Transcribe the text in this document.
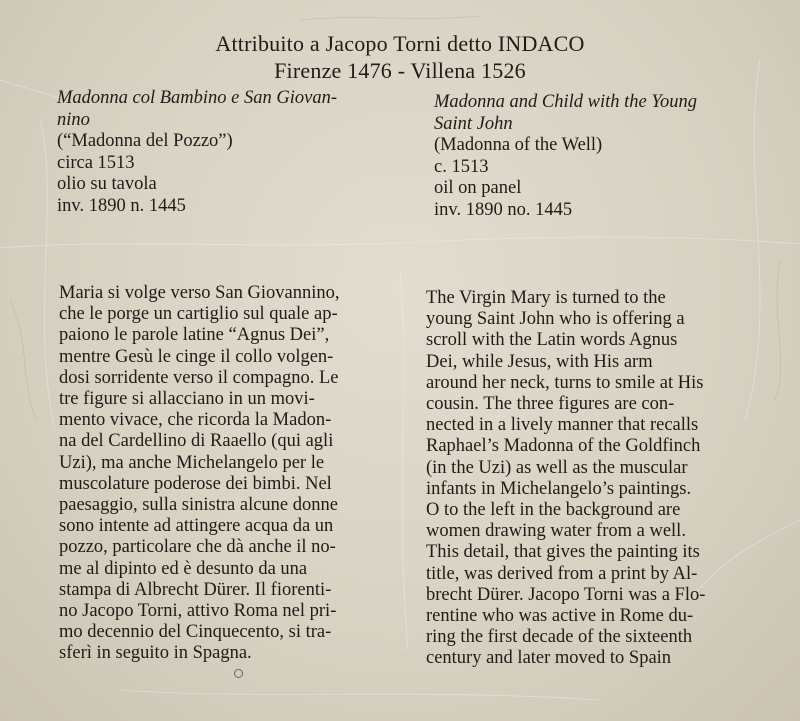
Attribuito a Jacopo Torni detto INDACO
Firenze 1476 - Villena 1526
Madonna col Bambino e San Giovan-
nino
(“Madonna del Pozzo”)
circa 1513
olio su tavola
inv. 1890 n. 1445
Madonna and Child with the Young
Saint John
(Madonna of the Well)
c. 1513
oil on panel
inv. 1890 no. 1445
Maria si volge verso San Giovannino,
che le porge un cartiglio sul quale ap-
paiono le parole latine “Agnus Dei”,
mentre Gesù le cinge il collo volgen-
dosi sorridente verso il compagno. Le
tre figure si allacciano in un movi-
mento vivace, che ricorda la Madon-
na del Cardellino di Raaello (qui agli
Uzi), ma anche Michelangelo per le
muscolature poderose dei bimbi. Nel
paesaggio, sulla sinistra alcune donne
sono intente ad attingere acqua da un
pozzo, particolare che dà anche il no-
me al dipinto ed è desunto da una
stampa di Albrecht Dürer. Il fiorenti-
no Jacopo Torni, attivo Roma nel pri-
mo decennio del Cinquecento, si tra-
sferì in seguito in Spagna.
The Virgin Mary is turned to the
young Saint John who is offering a
scroll with the Latin words Agnus
Dei, while Jesus, with His arm
around her neck, turns to smile at His
cousin. The three figures are con-
nected in a lively manner that recalls
Raphael’s Madonna of the Goldfinch
(in the Uzi) as well as the muscular
infants in Michelangelo’s paintings.
O to the left in the background are
women drawing water from a well.
This detail, that gives the painting its
title, was derived from a print by Al-
brecht Dürer. Jacopo Torni was a Flo-
rentine who was active in Rome du-
ring the first decade of the sixteenth
century and later moved to Spain
